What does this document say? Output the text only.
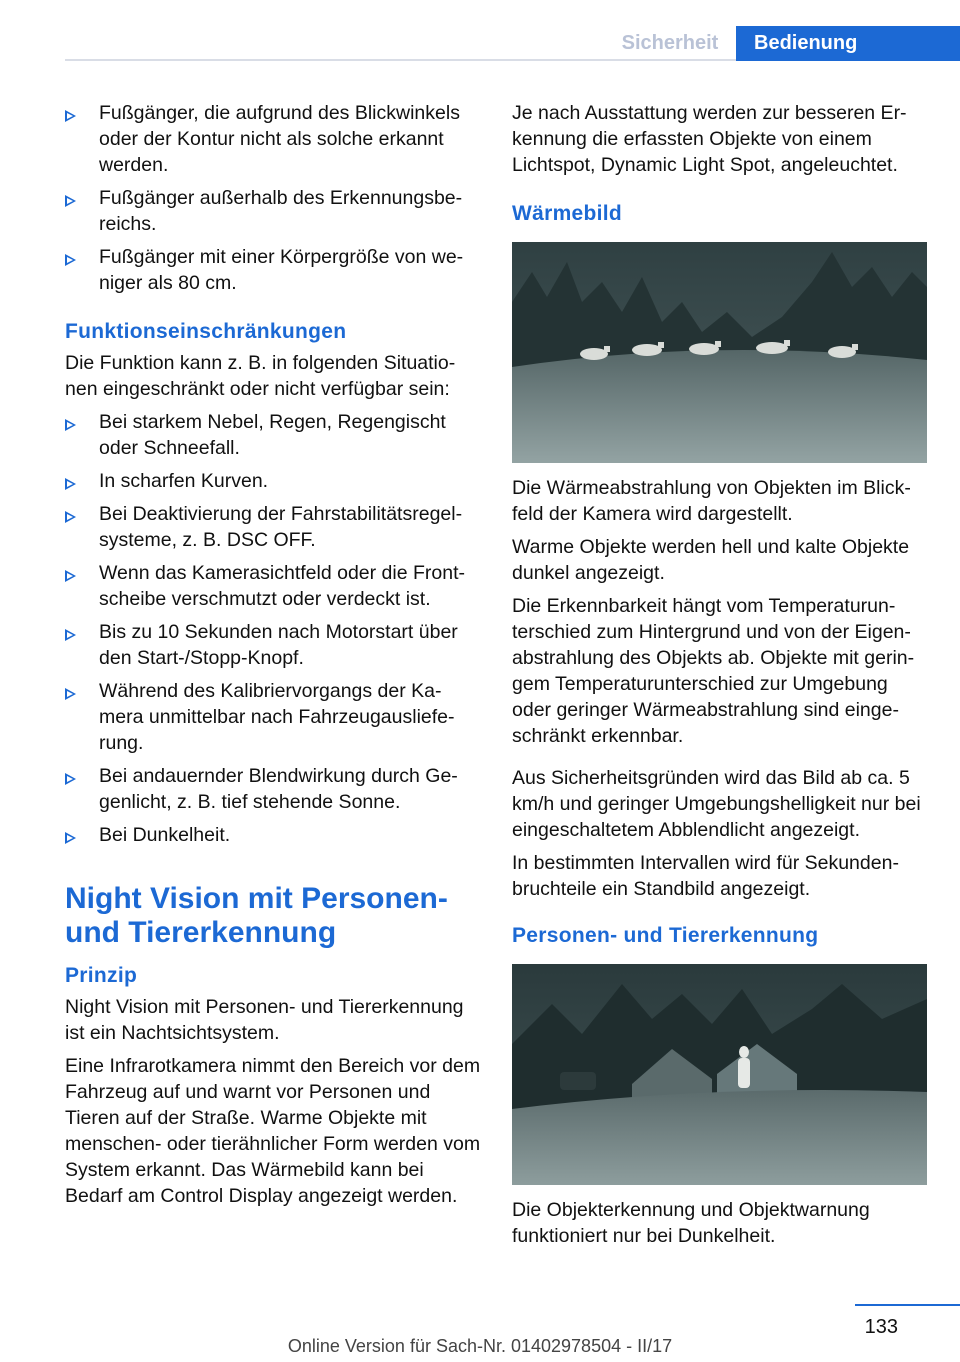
Sicherheit	Bedienung
Fußgänger, die aufgrund des Blickwinkels oder der Kontur nicht als solche erkannt werden.
Fußgänger außerhalb des Erkennungsbe‐ reichs.
Fußgänger mit einer Körpergröße von we‐ niger als 80 cm.
Funktionseinschränkungen

Die Funktion kann z. B. in folgenden Situatio‐ nen eingeschränkt oder nicht verfügbar sein:

Bei starkem Nebel, Regen, Regengischt oder Schneefall.
In scharfen Kurven.
Bei Deaktivierung der Fahrstabilitätsregel‐ systeme, z. B. DSC OFF.
Wenn das Kamerasichtfeld oder die Front‐ scheibe verschmutzt oder verdeckt ist.
Bis zu 10 Sekunden nach Motorstart über den Start-/Stopp-Knopf.
Während des Kalibriervorgangs der Ka‐ mera unmittelbar nach Fahrzeugausliefe‐ rung.
Bei andauernder Blendwirkung durch Ge‐ genlicht, z. B. tief stehende Sonne.
Bei Dunkelheit.
Night Vision mit Personen- und Tiererkennung
Prinzip

Night Vision mit Personen- und Tiererkennung ist ein Nachtsichtsystem.

Eine Infrarotkamera nimmt den Bereich vor dem Fahrzeug auf und warnt vor Personen und Tieren auf der Straße. Warme Objekte mit menschen- oder tierähnlicher Form werden vom System erkannt. Das Wärmebild kann bei Bedarf am Control Display angezeigt werden.

Je nach Ausstattung werden zur besseren Er‐ kennung die erfassten Objekte von einem Lichtspot, Dynamic Light Spot, angeleuchtet.

Wärmebild

Die Wärmeabstrahlung von Objekten im Blick‐ feld der Kamera wird dargestellt.

Warme Objekte werden hell und kalte Objekte dunkel angezeigt.

Die Erkennbarkeit hängt vom Temperaturun‐ terschied zum Hintergrund und von der Eigen‐ abstrahlung des Objekts ab. Objekte mit gerin‐ gem Temperaturunterschied zur Umgebung oder geringer Wärmeabstrahlung sind einge‐ schränkt erkennbar.

Aus Sicherheitsgründen wird das Bild ab ca. 5 km/h und geringer Umgebungshelligkeit nur bei eingeschaltetem Abblendlicht angezeigt.

In bestimmten Intervallen wird für Sekunden‐ bruchteile ein Standbild angezeigt.

Personen- und Tiererkennung

Die Objekterkennung und Objektwarnung funktioniert nur bei Dunkelheit.

133
Online Version für Sach-Nr. 01402978504 - II/17
